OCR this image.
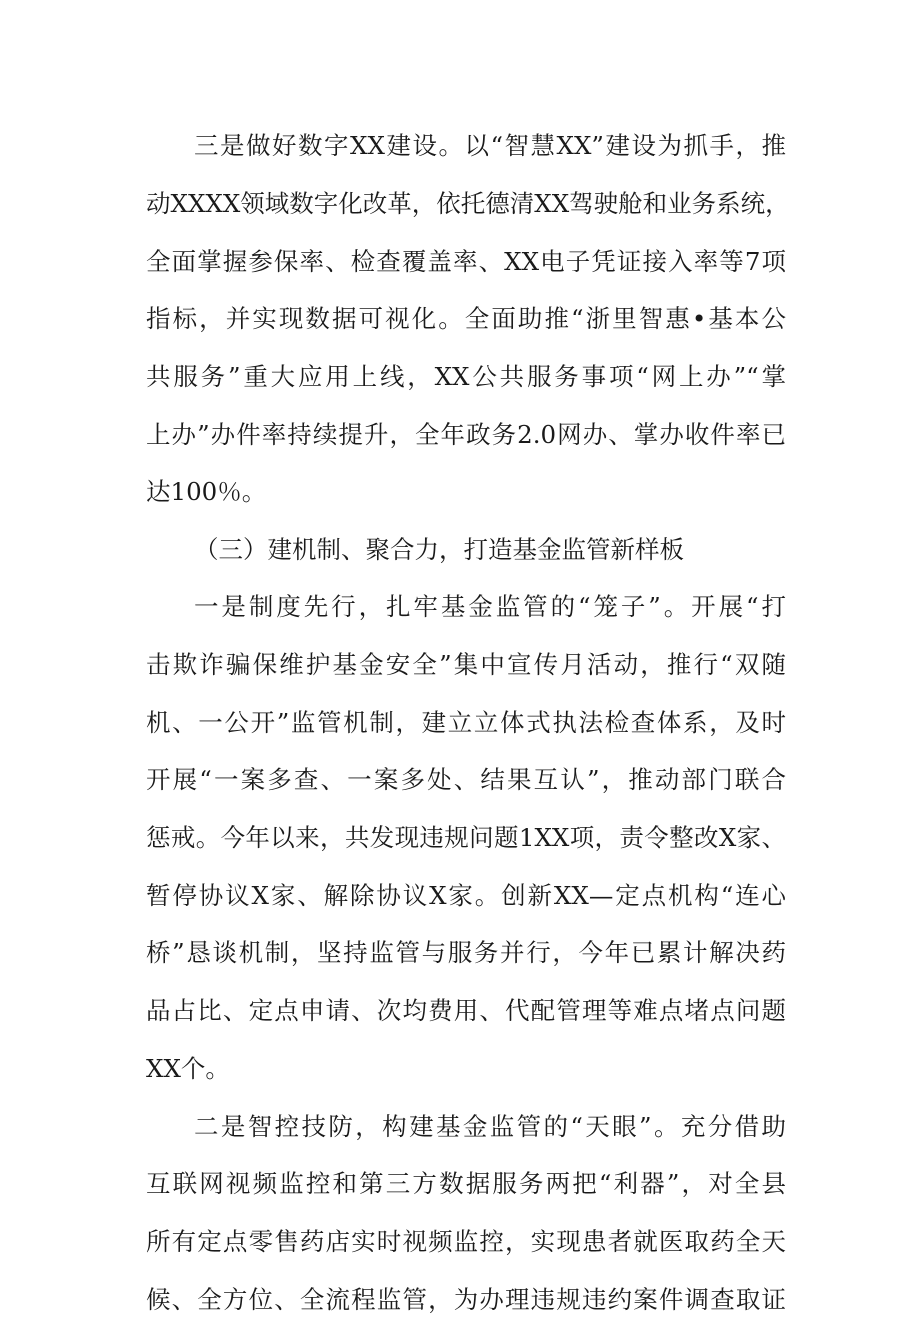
三是做好数字XX建设。以“智慧XX”建设为抓手，推
动XXXX领域数字化改革，依托德清XX驾驶舱和业务系统，
全面掌握参保率、检查覆盖率、XX电子凭证接入率等7项
指标，并实现数据可视化。全面助推“浙里智惠•基本公
共服务”重大应用上线，XX公共服务事项“网上办”“掌
上办”办件率持续提升，全年政务2.0网办、掌办收件率已
达100％。
（三）建机制、聚合力，打造基金监管新样板
一是制度先行，扎牢基金监管的“笼子”。开展“打
击欺诈骗保维护基金安全”集中宣传月活动，推行“双随
机、一公开”监管机制，建立立体式执法检查体系，及时
开展“一案多查、一案多处、结果互认”，推动部门联合
惩戒。今年以来，共发现违规问题1XX项，责令整改X家、
暂停协议X家、解除协议X家。创新XX—定点机构“连心
桥”恳谈机制，坚持监管与服务并行，今年已累计解决药
品占比、定点申请、次均费用、代配管理等难点堵点问题
XX个。
二是智控技防，构建基金监管的“天眼”。充分借助
互联网视频监控和第三方数据服务两把“利器”，对全县
所有定点零售药店实时视频监控，实现患者就医取药全天
候、全方位、全流程监管，为办理违规违约案件调查取证
